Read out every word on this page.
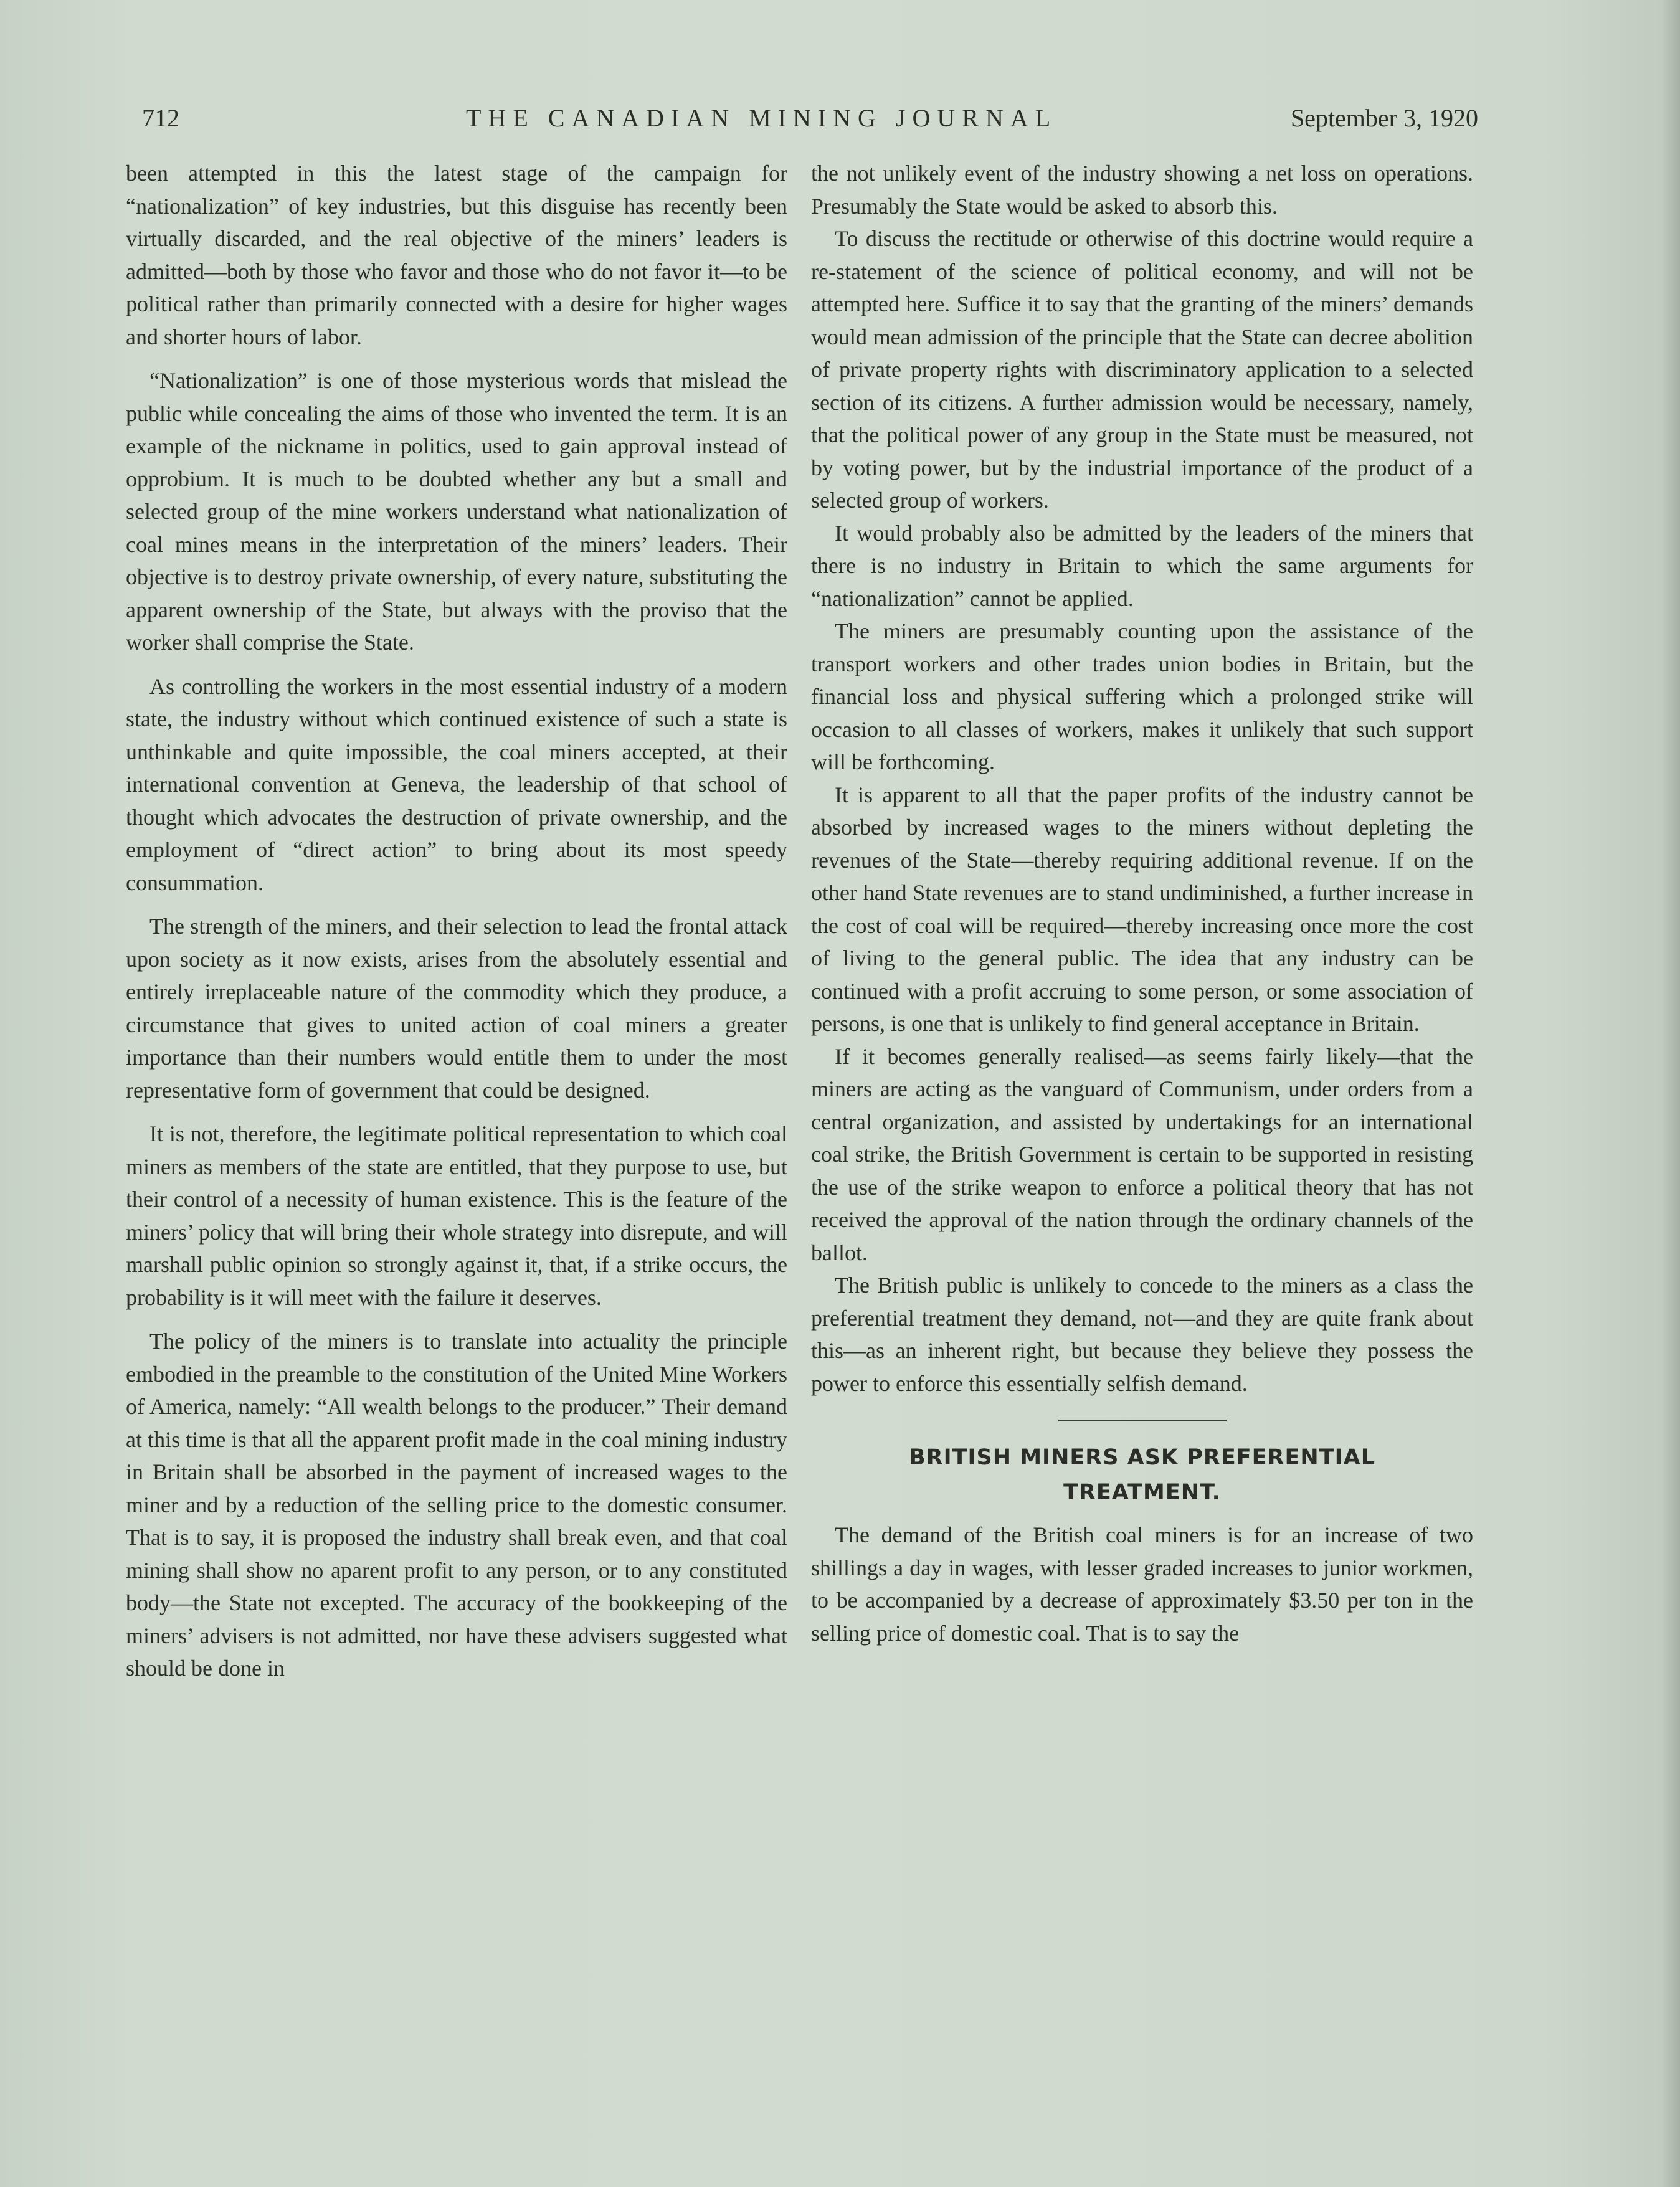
712	THE CANADIAN MINING JOURNAL	September 3, 1920

been attempted in this the latest stage of the campaign for “nationalization” of key industries, but this disguise has recently been virtually discarded, and the real objective of the miners’ leaders is admitted—both by those who favor and those who do not favor it—to be political rather than primarily connected with a desire for higher wages and shorter hours of labor.

“Nationalization” is one of those mysterious words that mislead the public while concealing the aims of those who invented the term. It is an example of the nickname in politics, used to gain approval instead of opprobium. It is much to be doubted whether any but a small and selected group of the mine workers understand what nationalization of coal mines means in the interpretation of the miners’ leaders. Their objective is to destroy private ownership, of every nature, substituting the apparent ownership of the State, but always with the proviso that the worker shall comprise the State.

As controlling the workers in the most essential industry of a modern state, the industry without which continued existence of such a state is unthinkable and quite impossible, the coal miners accepted, at their international convention at Geneva, the leadership of that school of thought which advocates the destruction of private ownership, and the employment of “direct action” to bring about its most speedy consummation.

The strength of the miners, and their selection to lead the frontal attack upon society as it now exists, arises from the absolutely essential and entirely irreplaceable nature of the commodity which they produce, a circumstance that gives to united action of coal miners a greater importance than their numbers would entitle them to under the most representative form of government that could be designed.

It is not, therefore, the legitimate political representation to which coal miners as members of the state are entitled, that they purpose to use, but their control of a necessity of human existence. This is the feature of the miners’ policy that will bring their whole strategy into disrepute, and will marshall public opinion so strongly against it, that, if a strike occurs, the probability is it will meet with the failure it deserves.

The policy of the miners is to translate into actuality the principle embodied in the preamble to the constitution of the United Mine Workers of America, namely: “All wealth belongs to the producer.” Their demand at this time is that all the apparent profit made in the coal mining industry in Britain shall be absorbed in the payment of increased wages to the miner and by a reduction of the selling price to the domestic consumer. That is to say, it is proposed the industry shall break even, and that coal mining shall show no aparent profit to any person, or to any constituted body—the State not excepted. The accuracy of the bookkeeping of the miners’ advisers is not admitted, nor have these advisers suggested what should be done in

the not unlikely event of the industry showing a net loss on operations. Presumably the State would be asked to absorb this.

To discuss the rectitude or otherwise of this doctrine would require a re-statement of the science of political economy, and will not be attempted here. Suffice it to say that the granting of the miners’ demands would mean admission of the principle that the State can decree abolition of private property rights with discriminatory application to a selected section of its citizens. A further admission would be necessary, namely, that the political power of any group in the State must be measured, not by voting power, but by the industrial importance of the product of a selected group of workers.

It would probably also be admitted by the leaders of the miners that there is no industry in Britain to which the same arguments for “nationalization” cannot be applied.

The miners are presumably counting upon the assistance of the transport workers and other trades union bodies in Britain, but the financial loss and physical suffering which a prolonged strike will occasion to all classes of workers, makes it unlikely that such support will be forthcoming.

It is apparent to all that the paper profits of the industry cannot be absorbed by increased wages to the miners without depleting the revenues of the State—thereby requiring additional revenue. If on the other hand State revenues are to stand undiminished, a further increase in the cost of coal will be required—thereby increasing once more the cost of living to the general public. The idea that any industry can be continued with a profit accruing to some person, or some association of persons, is one that is unlikely to find general acceptance in Britain.

If it becomes generally realised—as seems fairly likely—that the miners are acting as the vanguard of Communism, under orders from a central organization, and assisted by undertakings for an international coal strike, the British Government is certain to be supported in resisting the use of the strike weapon to enforce a political theory that has not received the approval of the nation through the ordinary channels of the ballot.

The British public is unlikely to concede to the miners as a class the preferential treatment they demand, not—and they are quite frank about this—as an inherent right, but because they believe they possess the power to enforce this essentially selfish demand.

BRITISH MINERS ASK PREFERENTIAL
TREATMENT.

The demand of the British coal miners is for an increase of two shillings a day in wages, with lesser graded increases to junior workmen, to be accompanied by a decrease of approximately $3.50 per ton in the selling price of domestic coal. That is to say the
